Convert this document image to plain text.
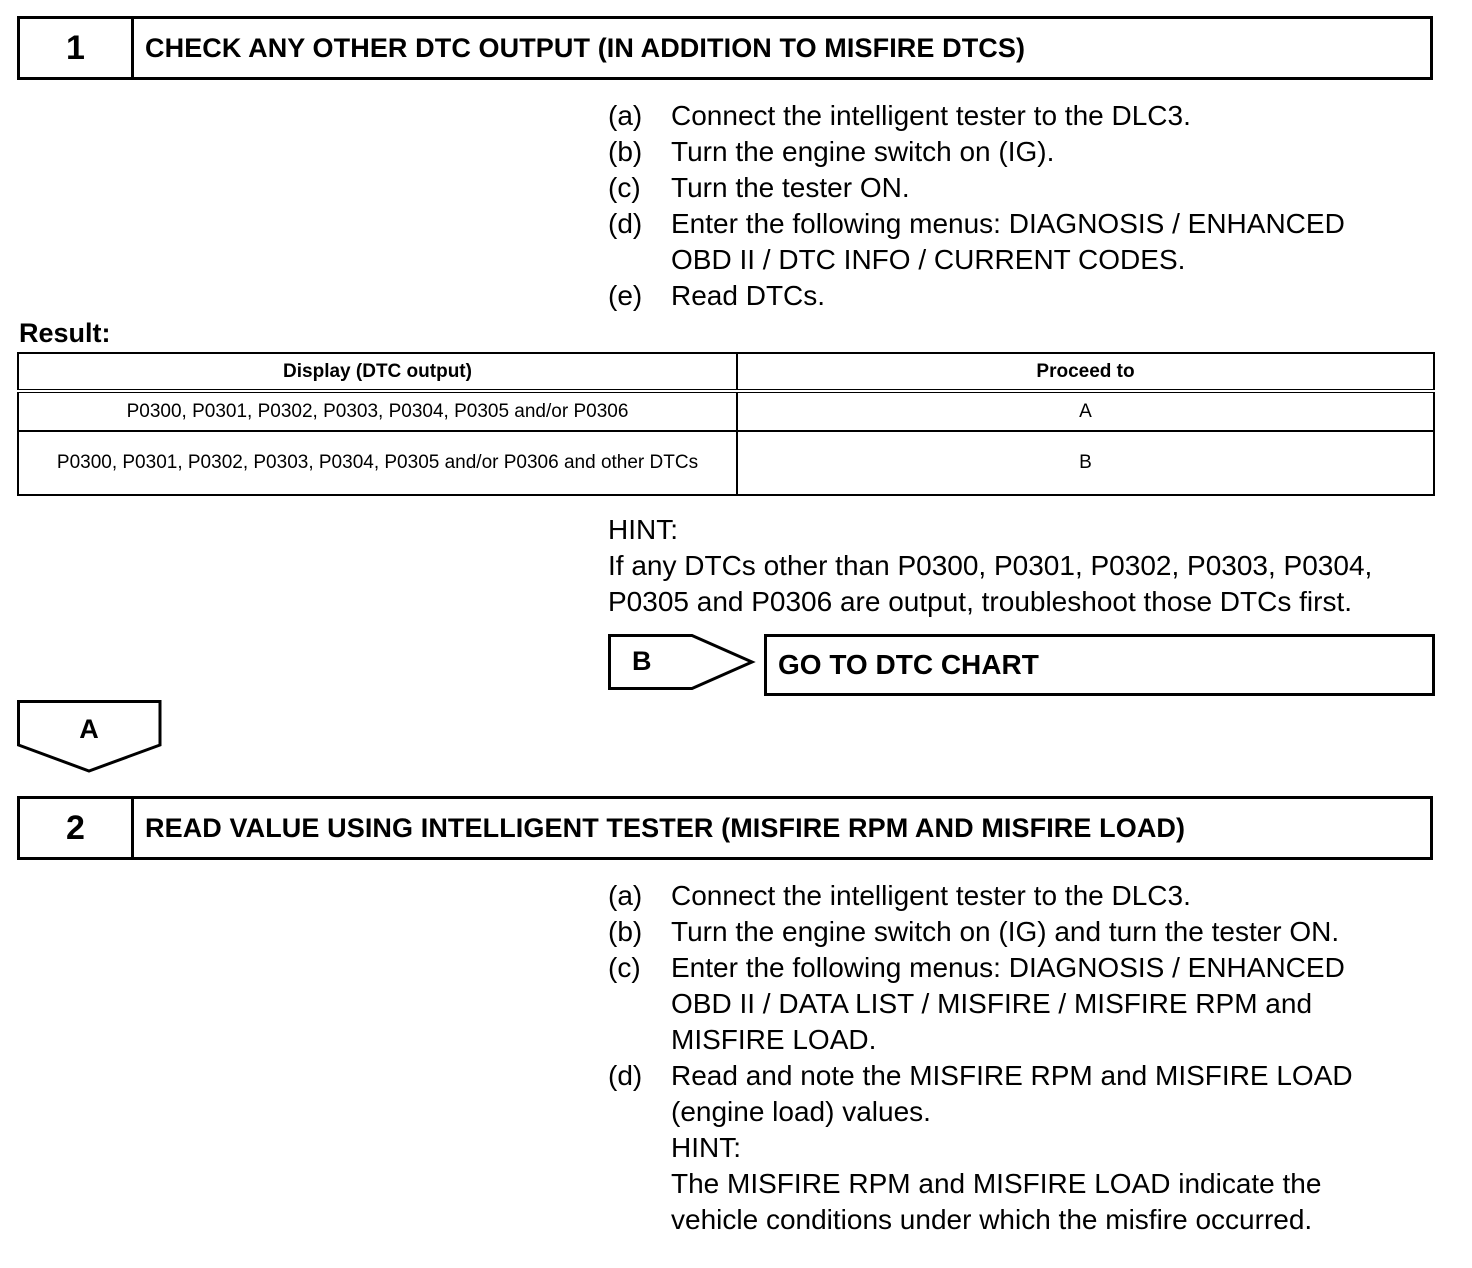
1	CHECK ANY OTHER DTC OUTPUT (IN ADDITION TO MISFIRE DTCS)
(a)	Connect the intelligent tester to the DLC3.
(b)	Turn the engine switch on (IG).
(c)	Turn the tester ON.
(d)	Enter the following menus: DIAGNOSIS / ENHANCED
OBD II / DTC INFO / CURRENT CODES.
(e)	Read DTCs.
Result:
Display (DTC output)	Proceed to
P0300, P0301, P0302, P0303, P0304, P0305 and/or P0306	A
P0300, P0301, P0302, P0303, P0304, P0305 and/or P0306 and other DTCs	B
HINT:
If any DTCs other than P0300, P0301, P0302, P0303, P0304,
P0305 and P0306 are output, troubleshoot those DTCs first.
B	GO TO DTC CHART
A
2	READ VALUE USING INTELLIGENT TESTER (MISFIRE RPM AND MISFIRE LOAD)
(a)	Connect the intelligent tester to the DLC3.
(b)	Turn the engine switch on (IG) and turn the tester ON.
(c)	Enter the following menus: DIAGNOSIS / ENHANCED
OBD II / DATA LIST / MISFIRE / MISFIRE RPM and
MISFIRE LOAD.
(d)	Read and note the MISFIRE RPM and MISFIRE LOAD
(engine load) values.
HINT:
The MISFIRE RPM and MISFIRE LOAD indicate the
vehicle conditions under which the misfire occurred.
